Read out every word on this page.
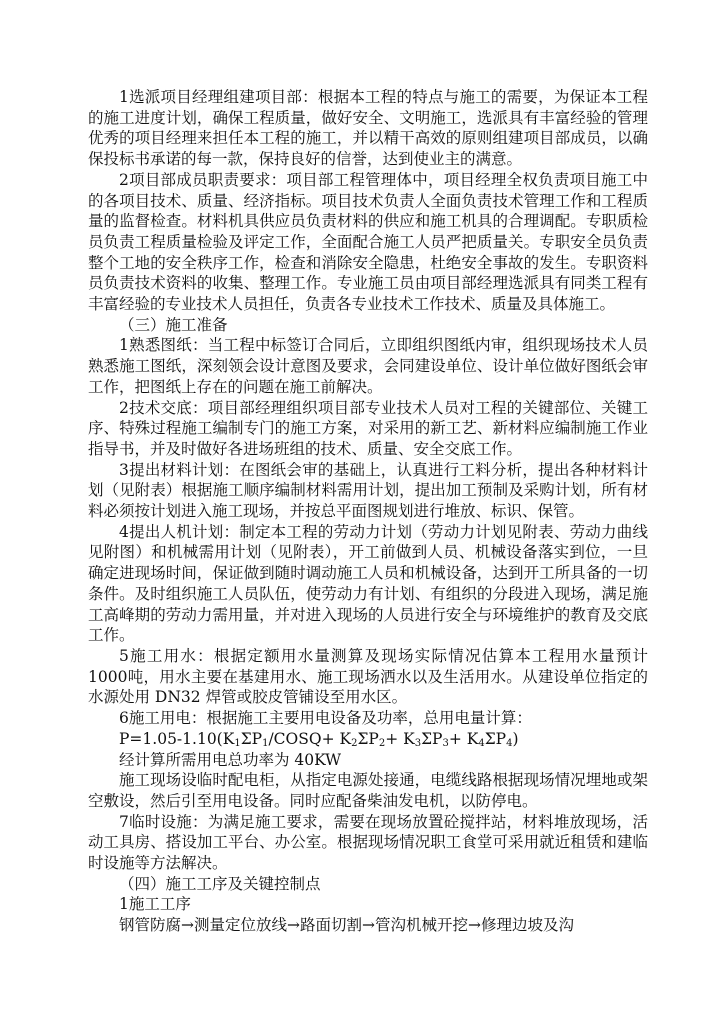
1选派项目经理组建项目部：根据本工程的特点与施工的需要，为保证本工程的施工进度计划，确保工程质量，做好安全、文明施工，选派具有丰富经验的管理优秀的项目经理来担任本工程的施工，并以精干高效的原则组建项目部成员，以确保投标书承诺的每一款，保持良好的信誉，达到使业主的满意。

2项目部成员职责要求：项目部工程管理体中，项目经理全权负责项目施工中的各项目技术、质量、经济指标。项目技术负责人全面负责技术管理工作和工程质量的监督检查。材料机具供应员负责材料的供应和施工机具的合理调配。专职质检员负责工程质量检验及评定工作，全面配合施工人员严把质量关。专职安全员负责整个工地的安全秩序工作，检查和消除安全隐患，杜绝安全事故的发生。专职资料员负责技术资料的收集、整理工作。专业施工员由项目部经理选派具有同类工程有丰富经验的专业技术人员担任，负责各专业技术工作技术、质量及具体施工。

（三）施工准备

1熟悉图纸：当工程中标签订合同后，立即组织图纸内审，组织现场技术人员熟悉施工图纸，深刻领会设计意图及要求，会同建设单位、设计单位做好图纸会审工作，把图纸上存在的问题在施工前解决。

2技术交底：项目部经理组织项目部专业技术人员对工程的关键部位、关键工序、特殊过程施工编制专门的施工方案，对采用的新工艺、新材料应编制施工作业指导书，并及时做好各进场班组的技术、质量、安全交底工作。

3提出材料计划：在图纸会审的基础上，认真进行工料分析，提出各种材料计划（见附表）根据施工顺序编制材料需用计划，提出加工预制及采购计划，所有材料必须按计划进入施工现场，并按总平面图规划进行堆放、标识、保管。

4提出人机计划：制定本工程的劳动力计划（劳动力计划见附表、劳动力曲线见附图）和机械需用计划（见附表），开工前做到人员、机械设备落实到位，一旦确定进现场时间，保证做到随时调动施工人员和机械设备，达到开工所具备的一切条件。及时组织施工人员队伍，使劳动力有计划、有组织的分段进入现场，满足施工高峰期的劳动力需用量，并对进入现场的人员进行安全与环境维护的教育及交底工作。

5施工用水：根据定额用水量测算及现场实际情况估算本工程用水量预计 1000吨，用水主要在基建用水、施工现场洒水以及生活用水。从建设单位指定的水源处用 DN32 焊管或胶皮管铺设至用水区。

6施工用电：根据施工主要用电设备及功率，总用电量计算：

$P=1.05-1.10(K_1\Sigma P_1/COSQ+ K_2\Sigma P_2+ K_3\Sigma P_3+ K_4\Sigma P_4)$

经计算所需用电总功率为 40KW

施工现场设临时配电柜，从指定电源处接通，电缆线路根据现场情况埋地或架空敷设，然后引至用电设备。同时应配备柴油发电机，以防停电。

7临时设施：为满足施工要求，需要在现场放置砼搅拌站，材料堆放现场，活动工具房、搭设加工平台、办公室。根据现场情况职工食堂可采用就近租赁和建临时设施等方法解决。

（四）施工工序及关键控制点

1施工工序

钢管防腐→测量定位放线→路面切割→管沟机械开挖→修理边坡及沟
